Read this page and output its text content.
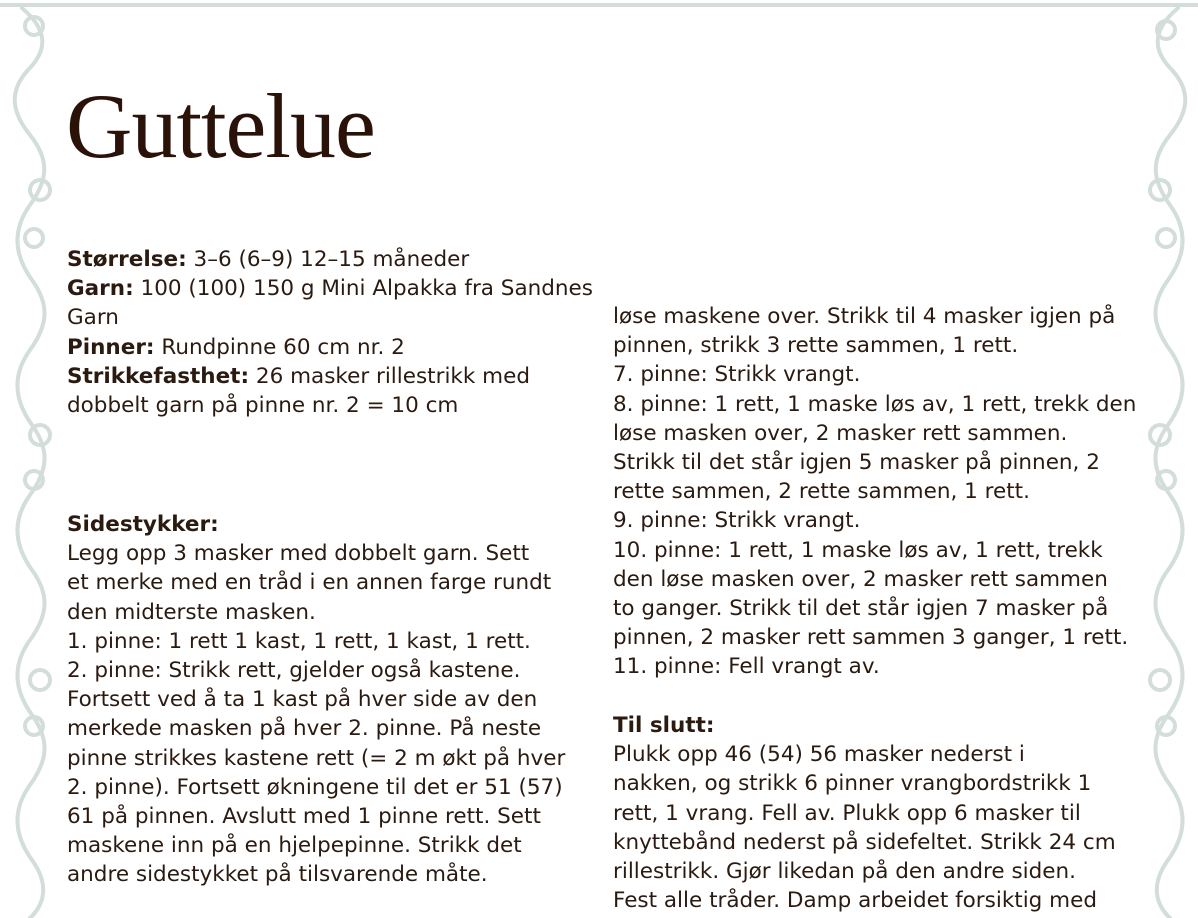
Guttelue
Størrelse: 3–6 (6–9) 12–15 måneder
Garn: 100 (100) 150 g Mini Alpakka fra Sandnes
Garn
Pinner: Rundpinne 60 cm nr. 2
Strikkefasthet: 26 masker rillestrikk med
dobbelt garn på pinne nr. 2 = 10 cm
Sidestykker:
Legg opp 3 masker med dobbelt garn. Sett
et merke med en tråd i en annen farge rundt
den midterste masken.
1. pinne: 1 rett 1 kast, 1 rett, 1 kast, 1 rett.
2. pinne: Strikk rett, gjelder også kastene.
Fortsett ved å ta 1 kast på hver side av den
merkede masken på hver 2. pinne. På neste
pinne strikkes kastene rett (= 2 m økt på hver
2. pinne). Fortsett økningene til det er 51 (57)
61 på pinnen. Avslutt med 1 pinne rett. Sett
maskene inn på en hjelpepinne. Strikk det
andre sidestykket på tilsvarende måte.
løse maskene over. Strikk til 4 masker igjen på
pinnen, strikk 3 rette sammen, 1 rett.
7. pinne: Strikk vrangt.
8. pinne: 1 rett, 1 maske løs av, 1 rett, trekk den
løse masken over, 2 masker rett sammen.
Strikk til det står igjen 5 masker på pinnen, 2
rette sammen, 2 rette sammen, 1 rett.
9. pinne: Strikk vrangt.
10. pinne: 1 rett, 1 maske løs av, 1 rett, trekk
den løse masken over, 2 masker rett sammen
to ganger. Strikk til det står igjen 7 masker på
pinnen, 2 masker rett sammen 3 ganger, 1 rett.
11. pinne: Fell vrangt av.
Til slutt:
Plukk opp 46 (54) 56 masker nederst i
nakken, og strikk 6 pinner vrangbordstrikk 1
rett, 1 vrang. Fell av. Plukk opp 6 masker til
knyttebånd nederst på sidefeltet. Strikk 24 cm
rillestrikk. Gjør likedan på den andre siden.
Fest alle tråder. Damp arbeidet forsiktig med
